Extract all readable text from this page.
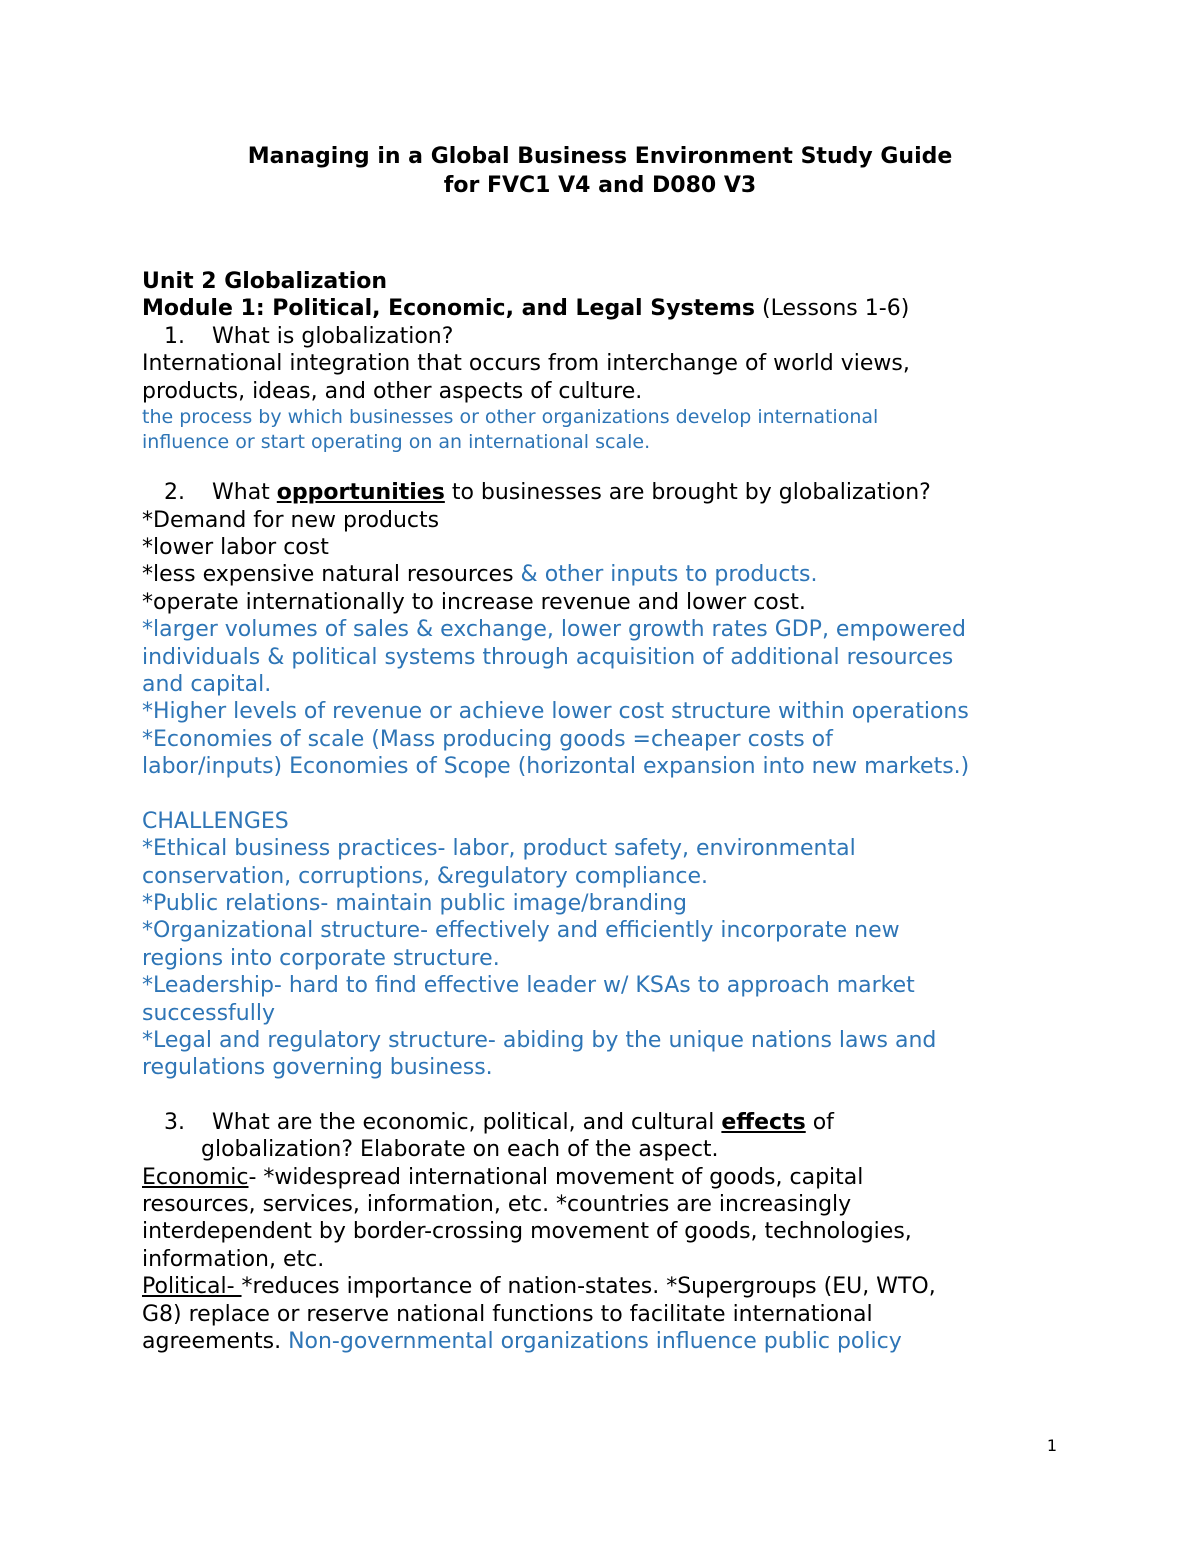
Managing in a Global Business Environment Study Guide
for FVC1 V4 and D080 V3

Unit 2 Globalization

Module 1: Political, Economic, and Legal Systems (Lessons 1-6)

1. What is globalization?

International integration that occurs from interchange of world views,

products, ideas, and other aspects of culture.

the process by which businesses or other organizations develop international

influence or start operating on an international scale.

2. What opportunities to businesses are brought by globalization?

*Demand for new products

*lower labor cost

*less expensive natural resources & other inputs to products.

*operate internationally to increase revenue and lower cost.

*larger volumes of sales & exchange, lower growth rates GDP, empowered

individuals & political systems through acquisition of additional resources

and capital.

*Higher levels of revenue or achieve lower cost structure within operations

*Economies of scale (Mass producing goods =cheaper costs of

labor/inputs) Economies of Scope (horizontal expansion into new markets.)

CHALLENGES

*Ethical business practices- labor, product safety, environmental

conservation, corruptions, &regulatory compliance.

*Public relations- maintain public image/branding

*Organizational structure- effectively and efficiently incorporate new

regions into corporate structure.

*Leadership- hard to find effective leader w/ KSAs to approach market

successfully

*Legal and regulatory structure- abiding by the unique nations laws and

regulations governing business.

3. What are the economic, political, and cultural effects of

globalization? Elaborate on each of the aspect.

Economic- *widespread international movement of goods, capital

resources, services, information, etc. *countries are increasingly

interdependent by border-crossing movement of goods, technologies,

information, etc.

Political- *reduces importance of nation-states. *Supergroups (EU, WTO,

G8) replace or reserve national functions to facilitate international

agreements. Non-governmental organizations influence public policy

1
